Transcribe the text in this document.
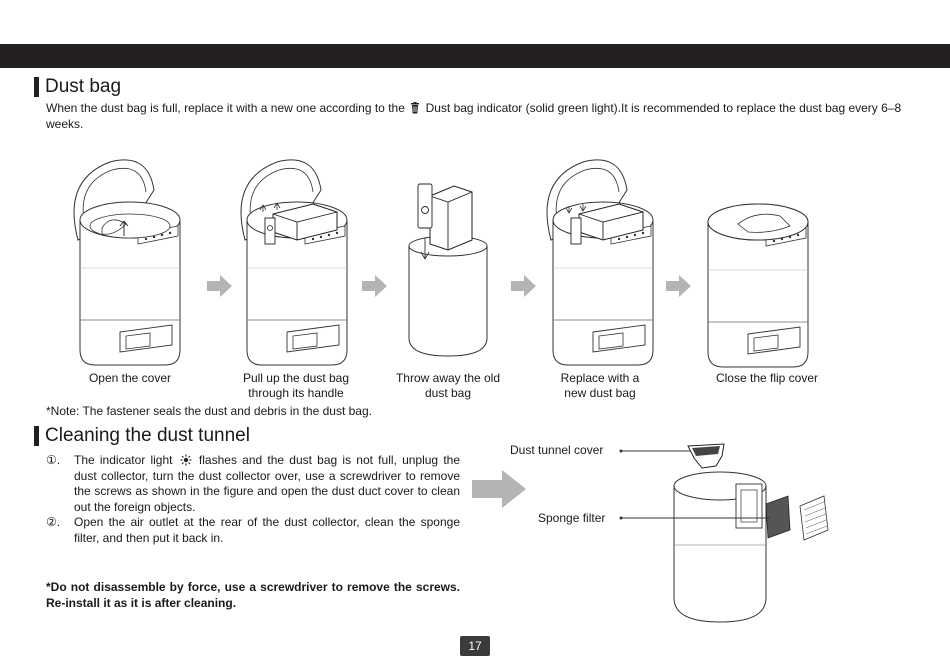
Dust bag
When the dust bag is full, replace it with a new one according to the Dust bag indicator (solid green light).It is recommended to replace the dust bag every 6–8 weeks.
Open the cover	Pull up the dust bag
through its handle
Throw away the old
dust bag
Replace with a
new dust bag
Close the flip cover
*Note: The fastener seals the dust and debris in the dust bag.
Cleaning the dust tunnel
①.	The indicator light flashes and the dust bag is not full, unplug the dust collector, turn the dust collector over, use a screwdriver to remove the screws as shown in the figure and open the dust duct cover to clean out the foreign objects.
②.	Open the air outlet at the rear of the dust collector, clean the sponge filter, and then put it back in.
*Do not disassemble by force, use a screwdriver to remove the screws. Re-install it as it is after cleaning.
Dust tunnel cover
Sponge filter
17
